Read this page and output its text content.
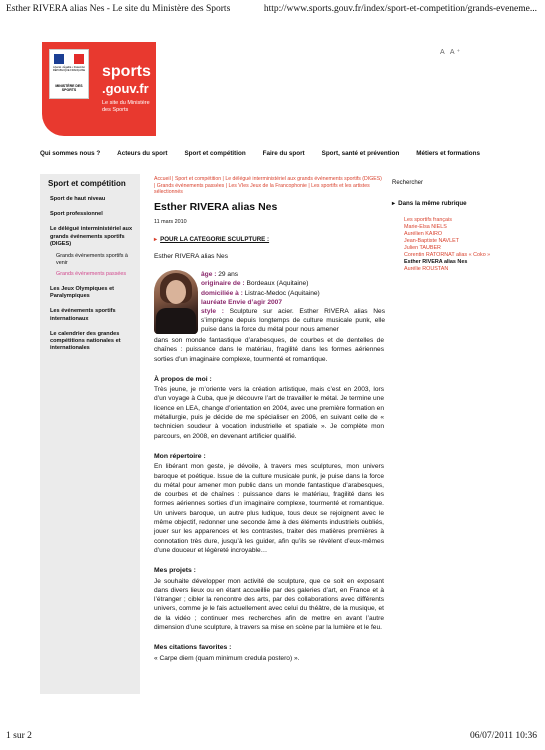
Esther RIVERA alias Nes - Le site du Ministère des Sports	http://www.sports.gouv.fr/index/sport-et-competition/grands-eveneme...
Liberté • Égalité • Fraternité RÉPUBLIQUE FRANÇAISE
MINISTÈRE DES SPORTS
sports
.gouv.fr
Le site du Ministère des Sports
A A⁺
Qui sommes nous ?	Acteurs du sport	Sport et compétition	Faire du sport	Sport, santé et prévention	Métiers et formations
Sport et compétition
Sport de haut niveau
Sport professionnel
Le délégué interministériel aux grands événements sportifs (DIGES)
Grands événements sportifs à venir
Grands événements passées
Les Jeux Olympiques et Paralympiques
Les événements sportifs internationaux
Le calendrier des grandes compétitions nationales et internationales
Accueil | Sport et compétition | Le délégué interministériel aux grands événements sportifs (DIGES) | Grands événements passées | Les VIes Jeux de la Francophonie | Les sportifs et les artistes sélectionnés
Esther RIVERA alias Nes
11 mars 2010
▸ POUR LA CATEGORIE SCULPTURE :
Esther RIVERA alias Nes
âge : 29 ans
originaire de : Bordeaux (Aquitaine)
domiciliée à : Listrac-Medoc (Aquitaine)
lauréate Envie d’agir 2007
style : Sculpture sur acier. Esther RIVERA alias Nes s’imprègne depuis longtemps de culture musicale punk, elle puise dans la force du métal pour nous amener
dans son monde fantastique d’arabesques, de courbes et de dentelles de chaînes : puissance dans le matériau, fragilité dans les formes aériennes sorties d’un imaginaire complexe, tourmenté et romantique.
À propos de moi :
Très jeune, je m’oriente vers la création artistique, mais c’est en 2003, lors d’un voyage à Cuba, que je découvre l’art de travailler le métal. Je termine une licence en LEA, change d’orientation en 2004, avec une première formation en métallurgie, puis je décide de me spécialiser en 2006, en suivant celle de « technicien soudeur à vocation industrielle et spatiale ». Je complète mon parcours, en 2008, en devenant artificier qualifié.
Mon répertoire :
En libérant mon geste, je dévoile, à travers mes sculptures, mon univers baroque et poétique. Issue de la culture musicale punk, je puise dans la force du métal pour amener mon public dans un monde fantastique d’arabesques, de courbes et de chaînes : puissance dans le matériau, fragilité dans les formes aériennes sorties d’un imaginaire complexe, tourmenté et romantique. Un univers baroque, un autre plus ludique, tous deux se rejoignent avec le même objectif, redonner une seconde âme à des éléments industriels oubliés, jouer sur les apparences et les contrastes, traiter des matières premières à connotation très dure, jusqu’à les guider, afin qu’ils se révèlent d’eux-mêmes d’une douceur et légèreté incroyable…
Mes projets :
Je souhaite développer mon activité de sculpture, que ce soit en exposant dans divers lieux ou en étant accueillie par des galeries d’art, en France et à l’étranger ; cibler la rencontre des arts, par des collaborations avec différents univers, comme je le fais actuellement avec celui du théâtre, de la musique, et de la vidéo ; continuer mes recherches afin de mettre en avant l’autre dimension d’une sculpture, à travers sa mise en scène par la lumière et le feu.
Mes citations favorites :
« Carpe diem (quam minimum credula postero) ».
Rechercher
▸ Dans la même rubrique
Les sportifs français
Marie-Elsa NIELS
Aurélien KAIRO
Jean-Baptiste NAVLET
Julien TAUBER
Corentin RATORNAT alias « Coko »
Esther RIVERA alias Nes
Aurélie ROUSTAN
1 sur 2	06/07/2011 10:36
